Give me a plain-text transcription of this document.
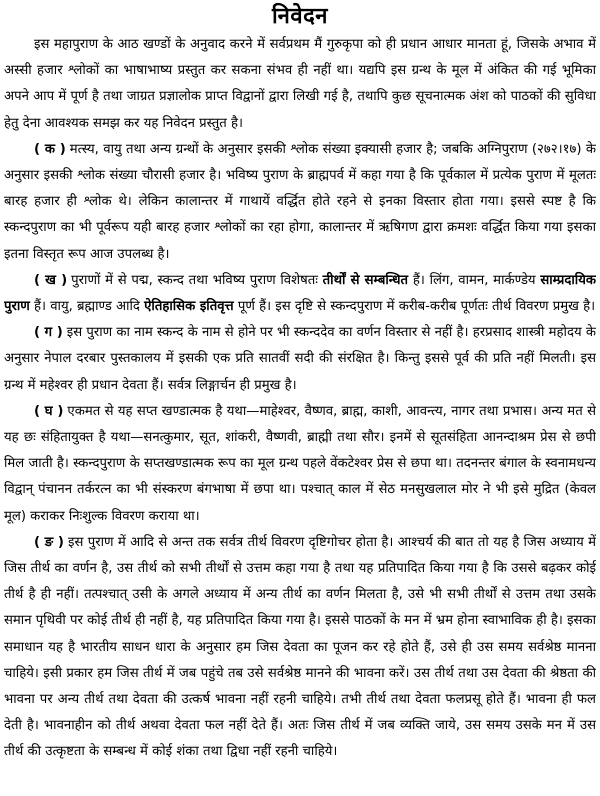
निवेदन

इस महापुराण के आठ खण्डों के अनुवाद करने में सर्वप्रथम मैं गुरुकृपा को ही प्रधान आधार मानता हूं, जिसके अभाव में अस्सी हजार श्लोकों का भाषाभाष्य प्रस्तुत कर सकना संभव ही नहीं था। यद्यपि इस ग्रन्थ के मूल में अंकित की गई भूमिका अपने आप में पूर्ण है तथा जाग्रत प्रज्ञालोक प्राप्त विद्वानों द्वारा लिखी गई है, तथापि कुछ सूचनात्मक अंश को पाठकों की सुविधा हेतु देना आवश्यक समझ कर यह निवेदन प्रस्तुत है।

( क ) मत्स्य, वायु तथा अन्य ग्रन्थों के अनुसार इसकी श्लोक संख्या इक्यासी हजार है; जबकि अग्निपुराण (२७२।१७) के अनुसार इसकी श्लोक संख्या चौरासी हजार है। भविष्य पुराण के ब्राह्मपर्व में कहा गया है कि पूर्वकाल में प्रत्येक पुराण में मूलतः बारह हजार ही श्लोक थे। लेकिन कालान्तर में गाथायें वर्द्धित होते रहने से इनका विस्तार होता गया। इससे स्पष्ट है कि स्कन्दपुराण का भी पूर्वरूप यही बारह हजार श्लोकों का रहा होगा, कालान्तर में ऋषिगण द्वारा क्रमशः वर्द्धित किया गया इसका इतना विस्तृत रूप आज उपलब्ध है।

( ख ) पुराणों में से पद्म, स्कन्द तथा भविष्य पुराण विशेषतः तीर्थों से सम्बन्धित हैं। लिंग, वामन, मार्कण्डेय साम्प्रदायिक पुराण हैं। वायु, ब्रह्माण्ड आदि ऐतिहासिक इतिवृत्त पूर्ण हैं। इस दृष्टि से स्कन्दपुराण में करीब-करीब पूर्णतः तीर्थ विवरण प्रमुख है।

( ग ) इस पुराण का नाम स्कन्द के नाम से होने पर भी स्कन्ददेव का वर्णन विस्तार से नहीं है। हरप्रसाद शास्त्री महोदय के अनुसार नेपाल दरबार पुस्तकालय में इसकी एक प्रति सातवीं सदी की संरक्षित है। किन्तु इससे पूर्व की प्रति नहीं मिलती। इस ग्रन्थ में महेश्वर ही प्रधान देवता हैं। सर्वत्र लिङ्गार्चन ही प्रमुख है।

( घ ) एकमत से यह सप्त खण्डात्मक है यथा—माहेश्वर, वैष्णव, ब्राह्म, काशी, आवन्त्य, नागर तथा प्रभास। अन्य मत से यह छः संहितायुक्त है यथा—सनत्कुमार, सूत, शांकरी, वैष्णवी, ब्राह्मी तथा सौर। इनमें से सूतसंहिता आनन्दाश्रम प्रेस से छपी मिल जाती है। स्कन्दपुराण के सप्तखण्डात्मक रूप का मूल ग्रन्थ पहले वेंकटेश्वर प्रेस से छपा था। तदनन्तर बंगाल के स्वनामधन्य विद्वान् पंचानन तर्करत्न का भी संस्करण बंगभाषा में छपा था। पश्चात् काल में सेठ मनसुखलाल मोर ने भी इसे मुद्रित (केवल मूल) कराकर निःशुल्क विवरण कराया था।

( ङ ) इस पुराण में आदि से अन्त तक सर्वत्र तीर्थ विवरण दृष्टिगोचर होता है। आश्चर्य की बात तो यह है जिस अध्याय में जिस तीर्थ का वर्णन है, उस तीर्थ को सभी तीर्थों से उत्तम कहा गया है तथा यह प्रतिपादित किया गया है कि उससे बढ़कर कोई तीर्थ है ही नहीं। तत्पश्चात् उसी के अगले अध्याय में अन्य तीर्थ का वर्णन मिलता है, उसे भी सभी तीर्थों से उत्तम तथा उसके समान पृथिवी पर कोई तीर्थ ही नहीं है, यह प्रतिपादित किया गया है। इससे पाठकों के मन में भ्रम होना स्वाभाविक ही है। इसका समाधान यह है भारतीय साधन धारा के अनुसार हम जिस देवता का पूजन कर रहे होते हैं, उसे ही उस समय सर्वश्रेष्ठ मानना चाहिये। इसी प्रकार हम जिस तीर्थ में जब पहुंचे तब उसे सर्वश्रेष्ठ मानने की भावना करें। उस तीर्थ तथा उस देवता की श्रेष्ठता की भावना पर अन्य तीर्थ तथा देवता की उत्कर्ष भावना नहीं रहनी चाहिये। तभी तीर्थ तथा देवता फलप्रसू होते हैं। भावना ही फल देती है। भावनाहीन को तीर्थ अथवा देवता फल नहीं देते हैं। अतः जिस तीर्थ में जब व्यक्ति जाये, उस समय उसके मन में उस तीर्थ की उत्कृष्टता के सम्बन्ध में कोई शंका तथा द्विधा नहीं रहनी चाहिये।
